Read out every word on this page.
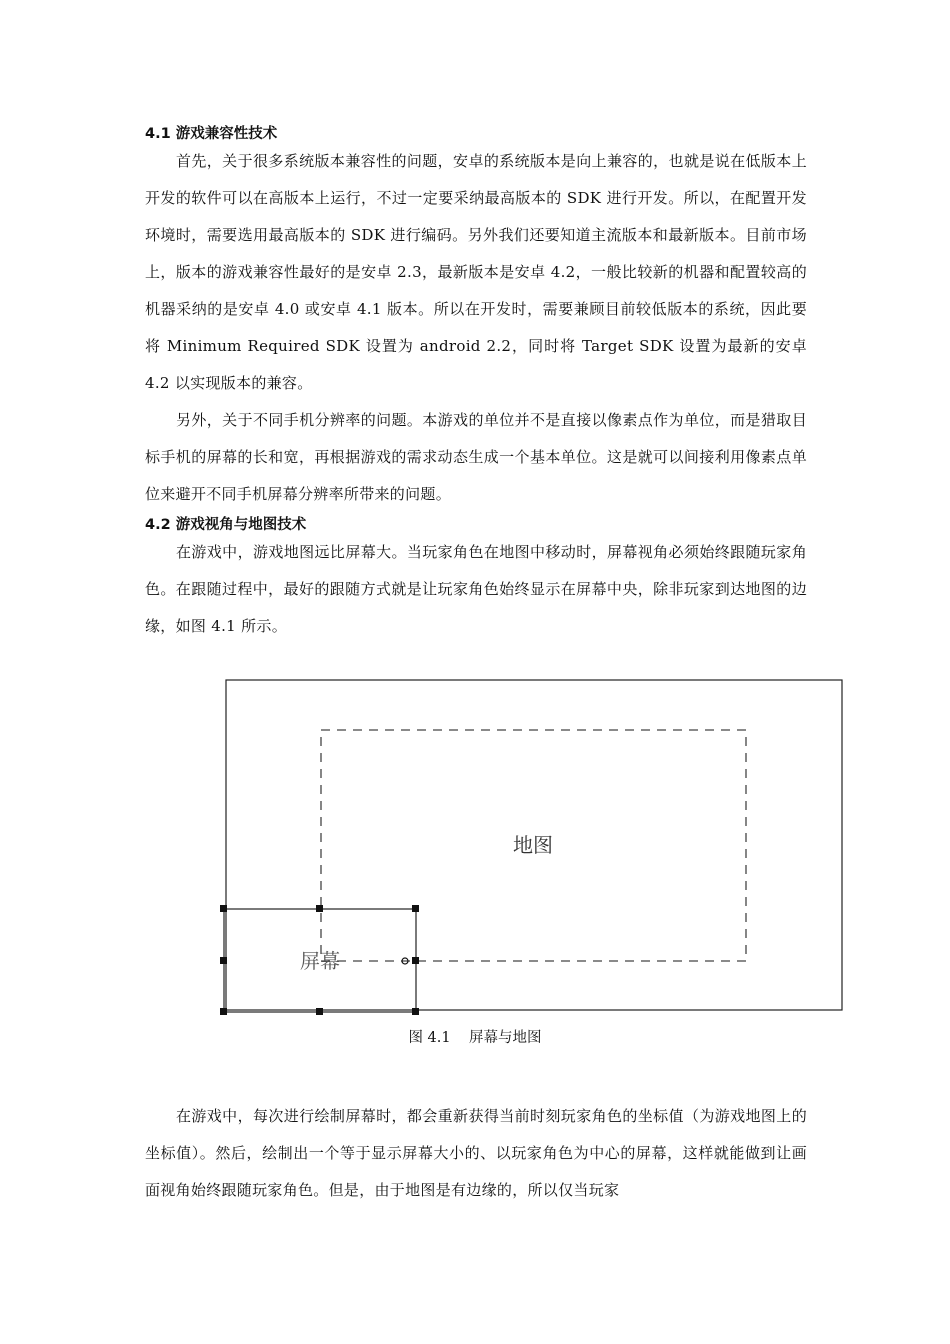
4.1 游戏兼容性技术

首先，关于很多系统版本兼容性的问题，安卓的系统版本是向上兼容的，也就是说在低版本上开发的软件可以在高版本上运行，不过一定要采纳最高版本的 SDK 进行开发。所以，在配置开发环境时，需要选用最高版本的 SDK 进行编码。另外我们还要知道主流版本和最新版本。目前市场上，版本的游戏兼容性最好的是安卓 2.3，最新版本是安卓 4.2，一般比较新的机器和配置较高的机器采纳的是安卓 4.0 或安卓 4.1 版本。所以在开发时，需要兼顾目前较低版本的系统，因此要将 Minimum Required SDK 设置为 android 2.2，同时将 Target SDK 设置为最新的安卓 4.2 以实现版本的兼容。

另外，关于不同手机分辨率的问题。本游戏的单位并不是直接以像素点作为单位，而是猎取目标手机的屏幕的长和宽，再根据游戏的需求动态生成一个基本单位。这是就可以间接利用像素点单位来避开不同手机屏幕分辨率所带来的问题。

4.2 游戏视角与地图技术

在游戏中，游戏地图远比屏幕大。当玩家角色在地图中移动时，屏幕视角必须始终跟随玩家角色。在跟随过程中，最好的跟随方式就是让玩家角色始终显示在屏幕中央，除非玩家到达地图的边缘，如图 4.1 所示。

地图
屏幕

图 4.1 屏幕与地图

在游戏中，每次进行绘制屏幕时，都会重新获得当前时刻玩家角色的坐标值（为游戏地图上的坐标值）。然后，绘制出一个等于显示屏幕大小的、以玩家角色为中心的屏幕，这样就能做到让画面视角始终跟随玩家角色。但是，由于地图是有边缘的，所以仅当玩家
